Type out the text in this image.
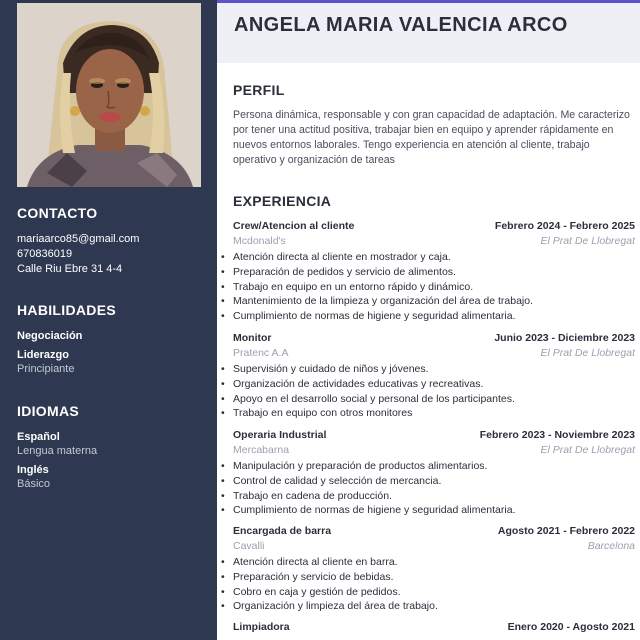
CONTACTO
mariaarco85@gmail.com
670836019
Calle Riu Ebre 31 4-4
HABILIDADES
Negociación
Liderazgo
Principiante
IDIOMAS
Español
Lengua materna
Inglés
Básico
ANGELA MARIA VALENCIA ARCO
PERFIL
Persona dinámica, responsable y con gran capacidad de adaptación. Me caracterizo por tener una actitud positiva, trabajar bien en equipo y aprender rápidamente en nuevos entornos laborales. Tengo experiencia en atención al cliente, trabajo operativo y organización de tareas
EXPERIENCIA
Crew/Atencion al cliente	Febrero 2024 - Febrero 2025
Mcdonald's	El Prat De Llobregat
• Atención directa al cliente en mostrador y caja.
• Preparación de pedidos y servicio de alimentos.
• Trabajo en equipo en un entorno rápido y dinámico.
• Mantenimiento de la limpieza y organización del área de trabajo.
• Cumplimiento de normas de higiene y seguridad alimentaria.
Monitor	Junio 2023 - Diciembre 2023
Pratenc A.A	El Prat De Llobregat
• Supervisión y cuidado de niños y jóvenes.
• Organización de actividades educativas y recreativas.
• Apoyo en el desarrollo social y personal de los participantes.
• Trabajo en equipo con otros monitores
Operaria Industrial	Febrero 2023 - Noviembre 2023
Mercabarna	El Prat De Llobregat
• Manipulación y preparación de productos alimentarios.
• Control de calidad y selección de mercancia.
• Trabajo en cadena de producción.
• Cumplimiento de normas de higiene y seguridad alimentaria.
Encargada de barra	Agosto 2021 - Febrero 2022
Cavalli	Barcelona
• Atención directa al cliente en barra.
• Preparación y servicio de bebidas.
• Cobro en caja y gestión de pedidos.
• Organización y limpieza del área de trabajo.
Limpiadora	Enero 2020 - Agosto 2021
